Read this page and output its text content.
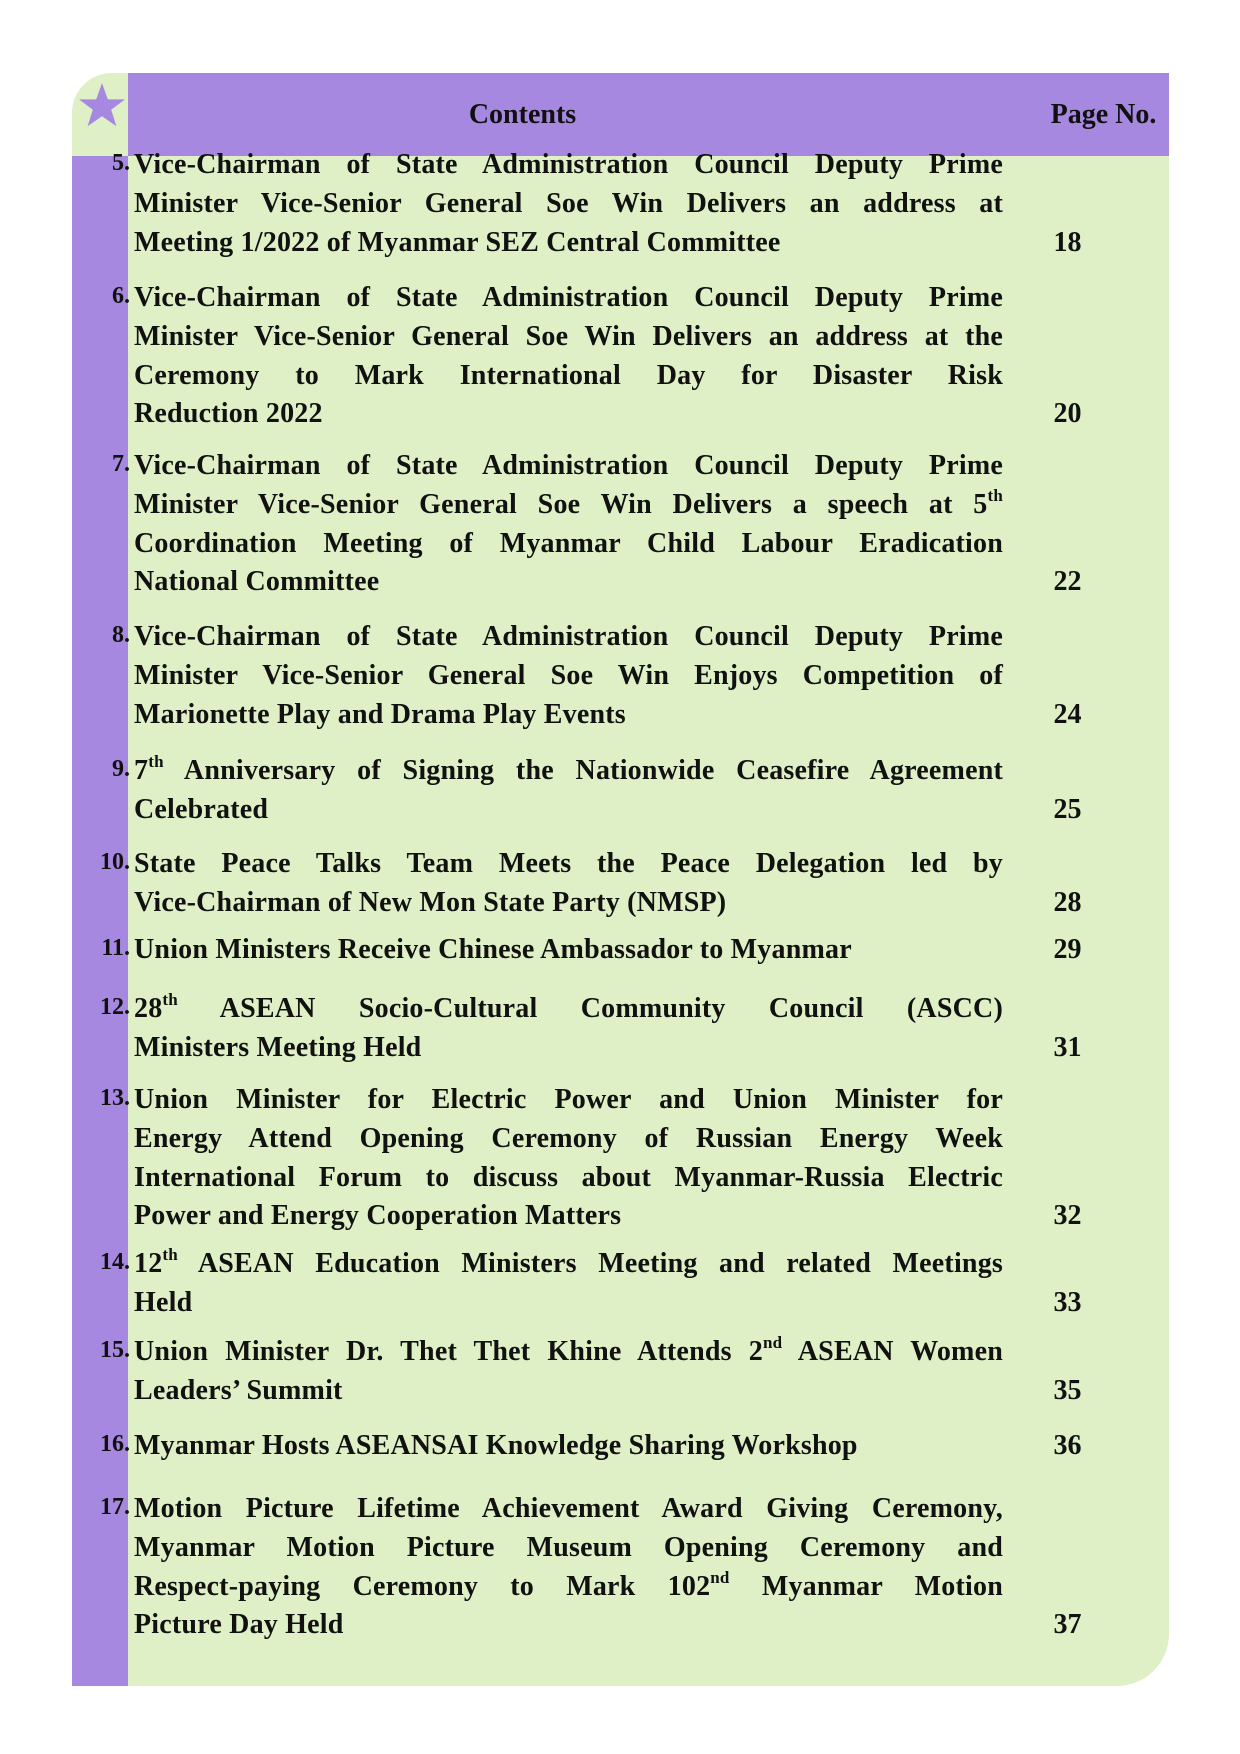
Contents	Page No.
5. Vice-Chairman of State Administration Council Deputy Prime
Minister Vice-Senior General Soe Win Delivers an address at
Meeting 1/2022 of Myanmar SEZ Central Committee	18
6. Vice-Chairman of State Administration Council Deputy Prime
Minister Vice-Senior General Soe Win Delivers an address at the
Ceremony to Mark International Day for Disaster Risk
Reduction 2022	20
7. Vice-Chairman of State Administration Council Deputy Prime
Minister Vice-Senior General Soe Win Delivers a speech at 5th
Coordination Meeting of Myanmar Child Labour Eradication
National Committee	22
8. Vice-Chairman of State Administration Council Deputy Prime
Minister Vice-Senior General Soe Win Enjoys Competition of
Marionette Play and Drama Play Events	24
9. 7th Anniversary of Signing the Nationwide Ceasefire Agreement
Celebrated	25
10. State Peace Talks Team Meets the Peace Delegation led by
Vice-Chairman of New Mon State Party (NMSP)	28
11. Union Ministers Receive Chinese Ambassador to Myanmar	29
12. 28th ASEAN Socio-Cultural Community Council (ASCC)
Ministers Meeting Held	31
13. Union Minister for Electric Power and Union Minister for
Energy Attend Opening Ceremony of Russian Energy Week
International Forum to discuss about Myanmar-Russia Electric
Power and Energy Cooperation Matters	32
14. 12th ASEAN Education Ministers Meeting and related Meetings
Held	33
15. Union Minister Dr. Thet Thet Khine Attends 2nd ASEAN Women
Leaders’ Summit	35
16. Myanmar Hosts ASEANSAI Knowledge Sharing Workshop	36
17. Motion Picture Lifetime Achievement Award Giving Ceremony,
Myanmar Motion Picture Museum Opening Ceremony and
Respect-paying Ceremony to Mark 102nd Myanmar Motion
Picture Day Held	37
